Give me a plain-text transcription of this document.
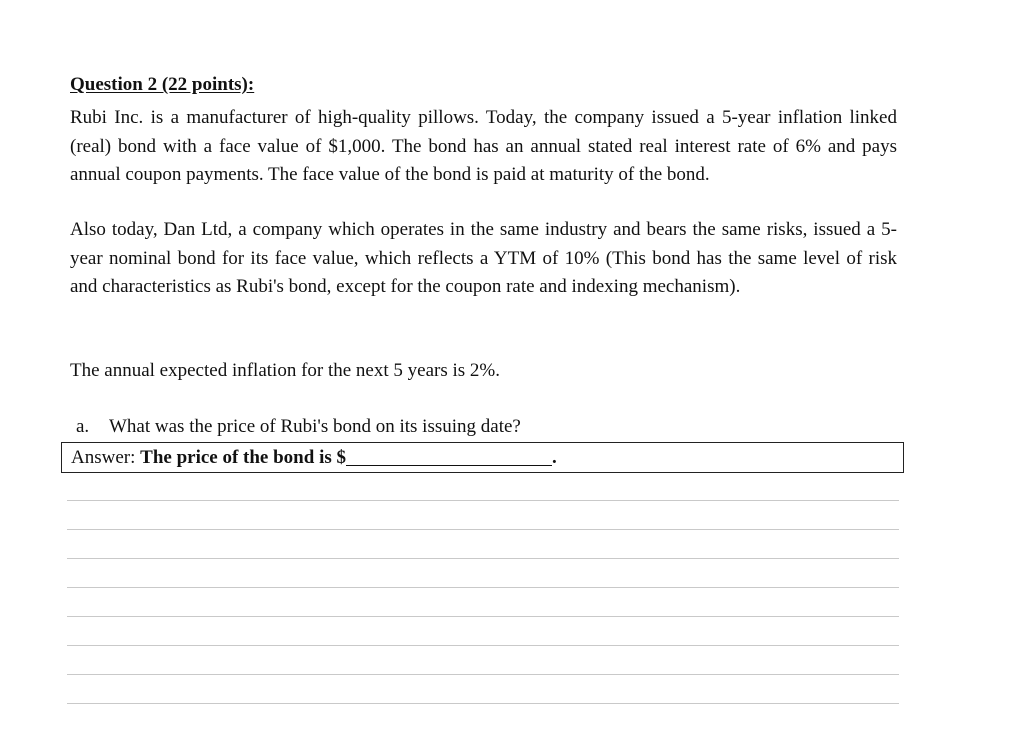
Question 2 (22 points):

Rubi Inc. is a manufacturer of high-quality pillows. Today, the company issued a 5-year inflation linked (real) bond with a face value of $1,000. The bond has an annual stated real interest rate of 6% and pays annual coupon payments. The face value of the bond is paid at maturity of the bond.

Also today, Dan Ltd, a company which operates in the same industry and bears the same risks, issued a 5-year nominal bond for its face value, which reflects a YTM of 10% (This bond has the same level of risk and characteristics as Rubi's bond, except for the coupon rate and indexing mechanism).

The annual expected inflation for the next 5 years is 2%.

a. What was the price of Rubi's bond on its issuing date?

Answer: The price of the bond is $	.
